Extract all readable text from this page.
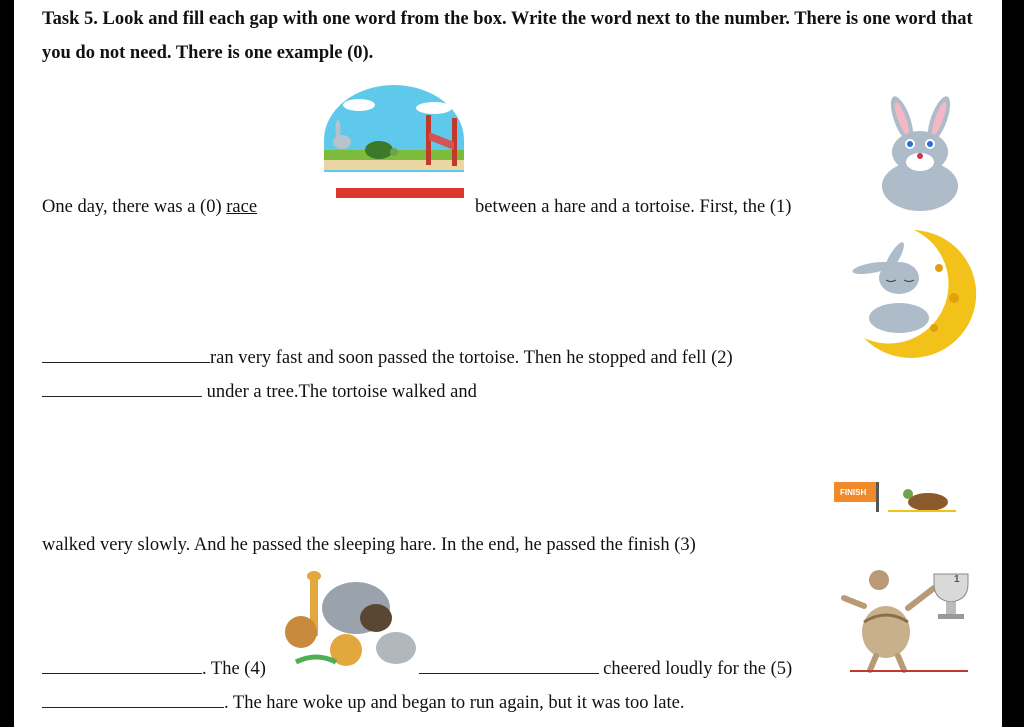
Task 5. Look and fill each gap with one word from the box. Write the word next to the number. There is one word that you do not need. There is one example (0).

Tortoise & Hare Race
FINISH
1
One day, there was a (0) race	between a hare and a tortoise. First, the (1)
ran very fast and soon passed the tortoise. Then he stopped and fell (2)
under a tree.The tortoise walked and
walked very slowly. And he passed the sleeping hare. In the end, he passed the finish (3)
. The (4)	cheered loudly for the (5)
. The hare woke up and began to run again, but it was too late.
